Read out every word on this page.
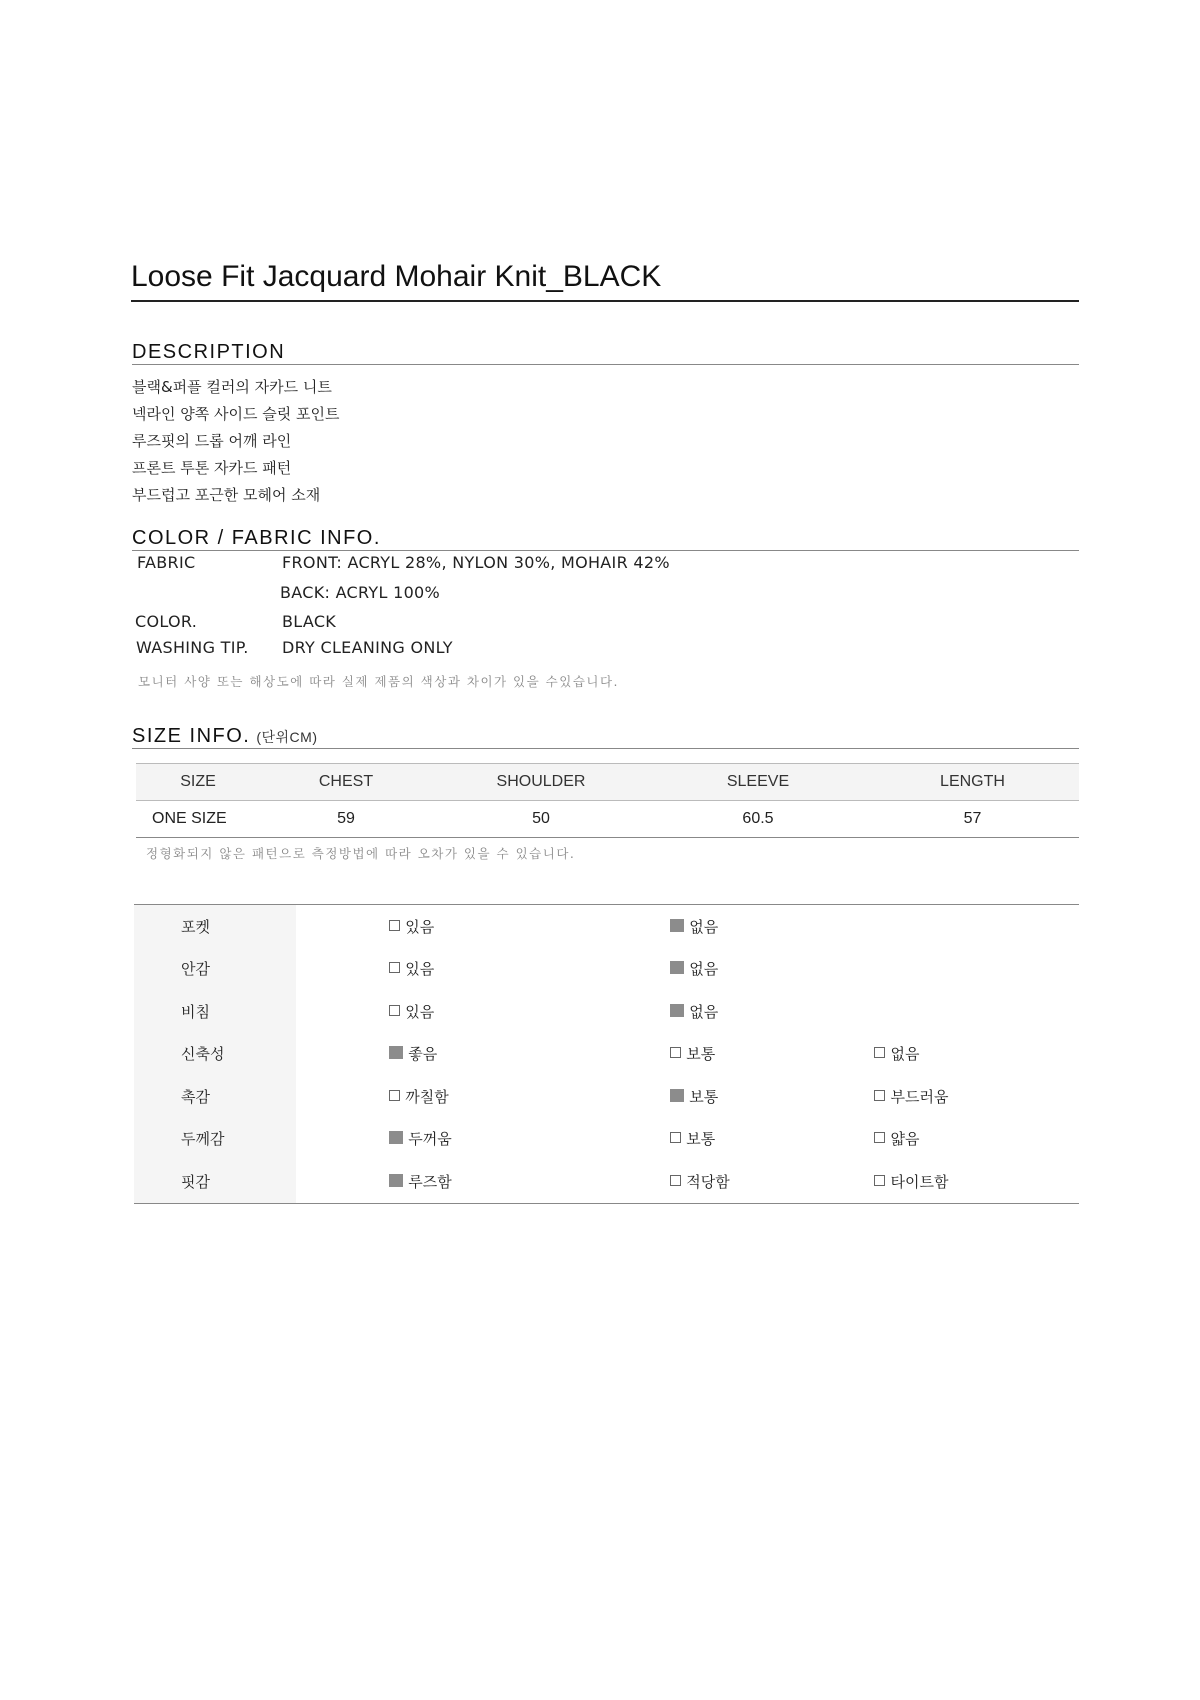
Loose Fit Jacquard Mohair Knit_BLACK
DESCRIPTION
블랙&퍼플 컬러의 자카드 니트
넥라인 양쪽 사이드 슬릿 포인트
루즈핏의 드롭 어깨 라인
프론트 투톤 자카드 패턴
부드럽고 포근한 모헤어 소재
COLOR / FABRIC INFO.
FABRIC	FRONT: ACRYL 28%, NYLON 30%, MOHAIR 42%
BACK: ACRYL 100%
COLOR.	BLACK
WASHING TIP. DRY CLEANING ONLY
모니터 사양 또는 해상도에 따라 실제 제품의 색상과 차이가 있을 수있습니다.
SIZE INFO. (단위CM)
SIZE	CHEST	SHOULDER	SLEEVE	LENGTH
ONE SIZE	59	50	60.5	57
정형화되지 않은 패턴으로 측정방법에 따라 오차가 있을 수 있습니다.
포켓	있음	없음	
안감	있음	없음	
비침	있음	없음	
신축성	좋음	보통	없음
촉감	까칠함	보통	부드러움
두께감	두꺼움	보통	얇음
핏감	루즈함	적당함	타이트함
